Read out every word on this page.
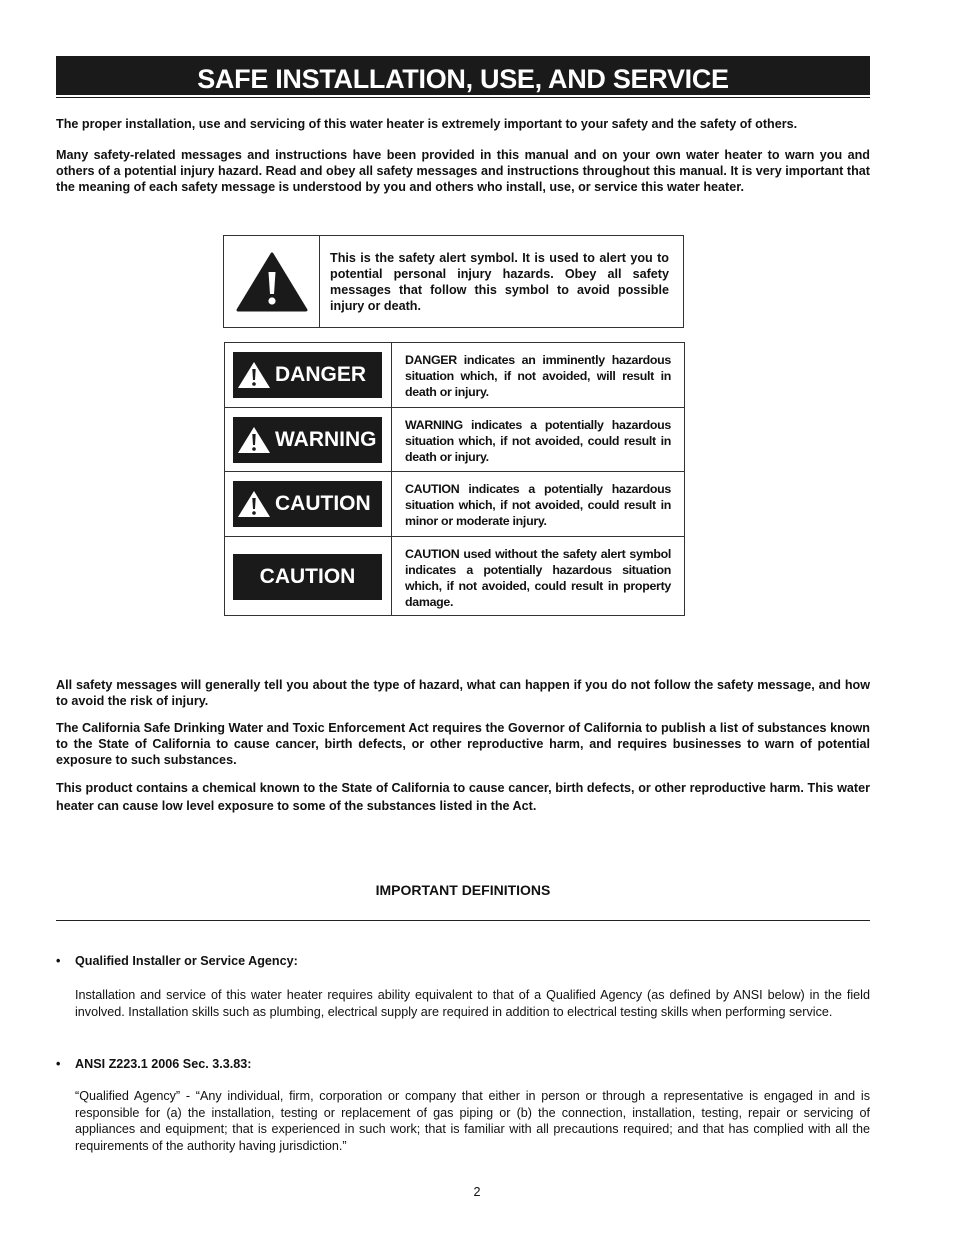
SAFE INSTALLATION, USE, AND SERVICE

The proper installation, use and servicing of this water heater is extremely important to your safety and the safety of others.

Many safety-related messages and instructions have been provided in this manual and on your own water heater to warn you and others of a potential injury hazard. Read and obey all safety messages and instructions throughout this manual. It is very important that the meaning of each safety message is understood by you and others who install, use, or service this water heater.

This is the safety alert symbol. It is used to alert you to potential personal injury hazards. Obey all safety messages that follow this symbol to avoid possible injury or death.
DANGER
DANGER indicates an imminently hazardous situation which, if not avoided, will result in death or injury.
WARNING
WARNING indicates a potentially hazardous situation which, if not avoided, could result in death or injury.
CAUTION
CAUTION indicates a potentially hazardous situation which, if not avoided, could result in minor or moderate injury.
CAUTION
CAUTION used without the safety alert symbol indicates a potentially hazardous situation which, if not avoided, could result in property damage.

All safety messages will generally tell you about the type of hazard, what can happen if you do not follow the safety message, and how to avoid the risk of injury.

The California Safe Drinking Water and Toxic Enforcement Act requires the Governor of California to publish a list of substances known to the State of California to cause cancer, birth defects, or other reproductive harm, and requires businesses to warn of potential exposure to such substances.

This product contains a chemical known to the State of California to cause cancer, birth defects, or other reproductive harm. This water heater can cause low level exposure to some of the substances listed in the Act.

IMPORTANT DEFINITIONS
• Qualified Installer or Service Agency:
Installation and service of this water heater requires ability equivalent to that of a Qualified Agency (as defined by ANSI below) in the field involved. Installation skills such as plumbing, electrical supply are required in addition to electrical testing skills when performing service.
• ANSI Z223.1 2006 Sec. 3.3.83:
“Qualified Agency” - “Any individual, firm, corporation or company that either in person or through a representative is engaged in and is responsible for (a) the installation, testing or replacement of gas piping or (b) the connection, installation, testing, repair or servicing of appliances and equipment; that is experienced in such work; that is familiar with all precautions required; and that has complied with all the requirements of the authority having jurisdiction.”
2
